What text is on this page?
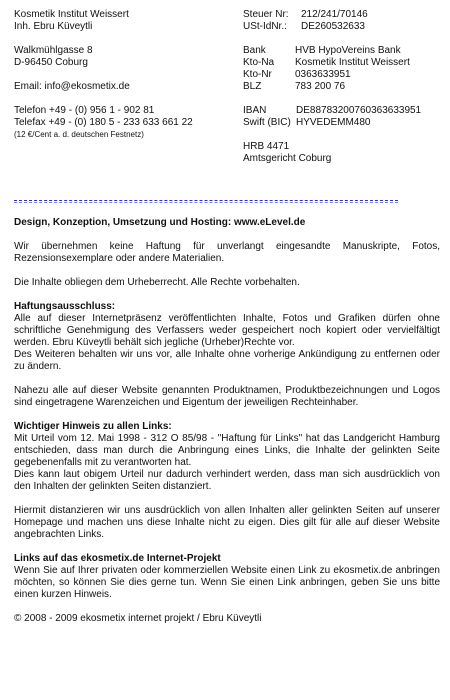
Kosmetik Institut Weissert
Inh. Ebru Küveytli
Walkmühlgasse 8
D-96450 Coburg
Email: info@ekosmetix.de
Telefon +49 - (0) 956 1 - 902 81
Telefax +49 - (0) 180 5 - 233 633 661 22
(12 €/Cent a. d. deutschen Festnetz)
Steuer Nr:	212/241/70146
USt-IdNr.:	DE260532633
Bank	HVB HypoVereins Bank
Kto-Na	Kosmetik Institut Weissert
Kto-Nr	0363633951
BLZ	783 200 76
IBAN	DE88783200760363633951
Swift (BIC) HYVEDEMM480
HRB 4471
Amtsgericht Coburg

Design, Konzeption, Umsetzung und Hosting: www.eLevel.de

Wir übernehmen keine Haftung für unverlangt eingesandte Manuskripte, Fotos, Rezensionsexemplare oder andere Materialien.

Die Inhalte obliegen dem Urheberrecht. Alle Rechte vorbehalten.

Haftungsausschluss:

Alle auf dieser Internetpräsenz veröffentlichten Inhalte, Fotos und Grafiken dürfen ohne schriftliche Genehmigung des Verfassers weder gespeichert noch kopiert oder vervielfältigt werden. Ebru Küveytli behält sich jegliche (Urheber)Rechte vor.

Des Weiteren behalten wir uns vor, alle Inhalte ohne vorherige Ankündigung zu entfernen oder zu ändern.

Nahezu alle auf dieser Website genannten Produktnamen, Produktbezeichnungen und Logos sind eingetragene Warenzeichen und Eigentum der jeweiligen Rechteinhaber.

Wichtiger Hinweis zu allen Links:

Mit Urteil vom 12. Mai 1998 - 312 O 85/98 - "Haftung für Links" hat das Landgericht Hamburg entschieden, dass man durch die Anbringung eines Links, die Inhalte der gelinkten Seite gegebenenfalls mit zu verantworten hat.

Dies kann laut obigem Urteil nur dadurch verhindert werden, dass man sich ausdrücklich von den Inhalten der gelinkten Seiten distanziert.

Hiermit distanzieren wir uns ausdrücklich von allen Inhalten aller gelinkten Seiten auf unserer Homepage und machen uns diese Inhalte nicht zu eigen. Dies gilt für alle auf dieser Website angebrachten Links.

Links auf das ekosmetix.de Internet-Projekt

Wenn Sie auf Ihrer privaten oder kommerziellen Website einen Link zu ekosmetix.de anbringen möchten, so können Sie dies gerne tun. Wenn Sie einen Link anbringen, geben Sie uns bitte einen kurzen Hinweis.

© 2008 - 2009 ekosmetix internet projekt / Ebru Küveytli
